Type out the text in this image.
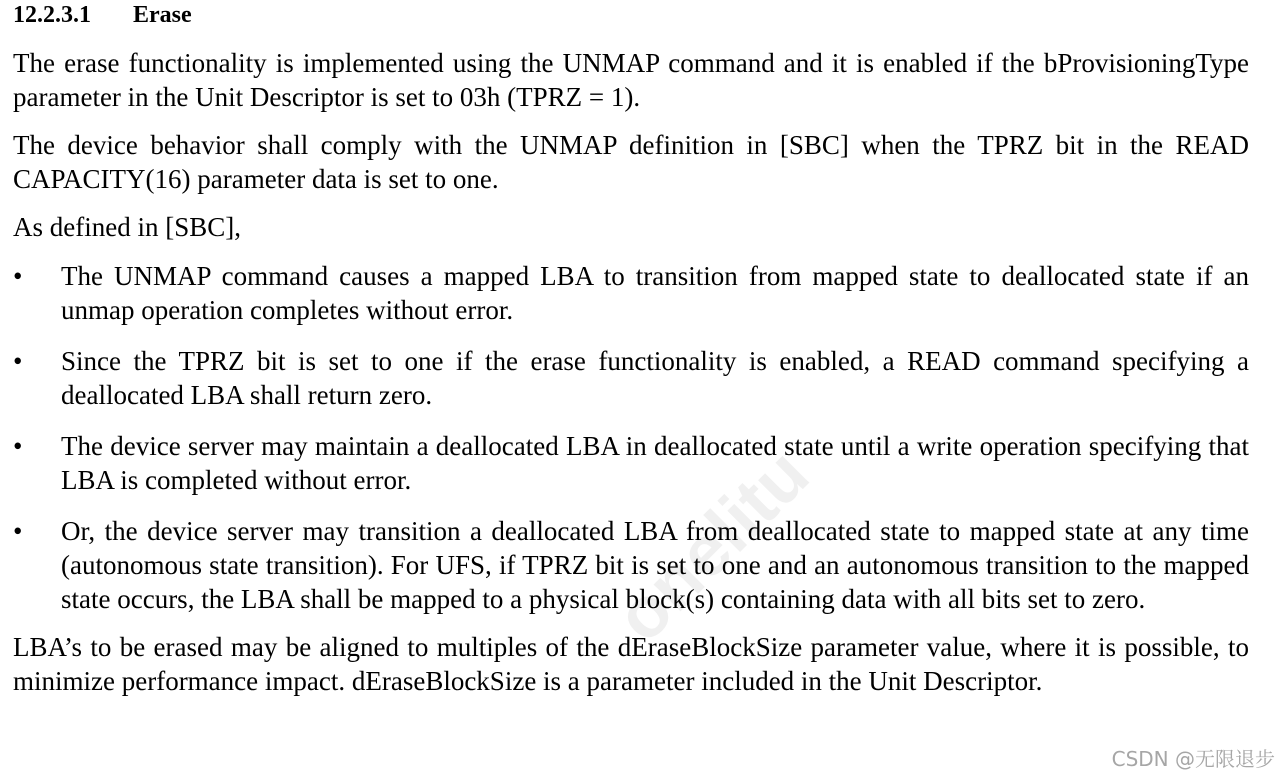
12.2.3.1 Erase

The erase functionality is implemented using the UNMAP command and it is enabled if the bProvisioningType parameter in the Unit Descriptor is set to 03h (TPRZ = 1).

The device behavior shall comply with the UNMAP definition in [SBC] when the TPRZ bit in the READ CAPACITY(16) parameter data is set to one.

As defined in [SBC],

• The UNMAP command causes a mapped LBA to transition from mapped state to deallocated state if an unmap operation completes without error.

• Since the TPRZ bit is set to one if the erase functionality is enabled, a READ command specifying a deallocated LBA shall return zero.

• The device server may maintain a deallocated LBA in deallocated state until a write operation specifying that LBA is completed without error.

• Or, the device server may transition a deallocated LBA from deallocated state to mapped state at any time (autonomous state transition). For UFS, if TPRZ bit is set to one and an autonomous transition to the mapped state occurs, the LBA shall be mapped to a physical block(s) containing data with all bits set to zero.

LBA’s to be erased may be aligned to multiples of the dEraseBlockSize parameter value, where it is possible, to minimize performance impact. dEraseBlockSize is a parameter included in the Unit Descriptor.

onelitu
CSDN @无限退步
